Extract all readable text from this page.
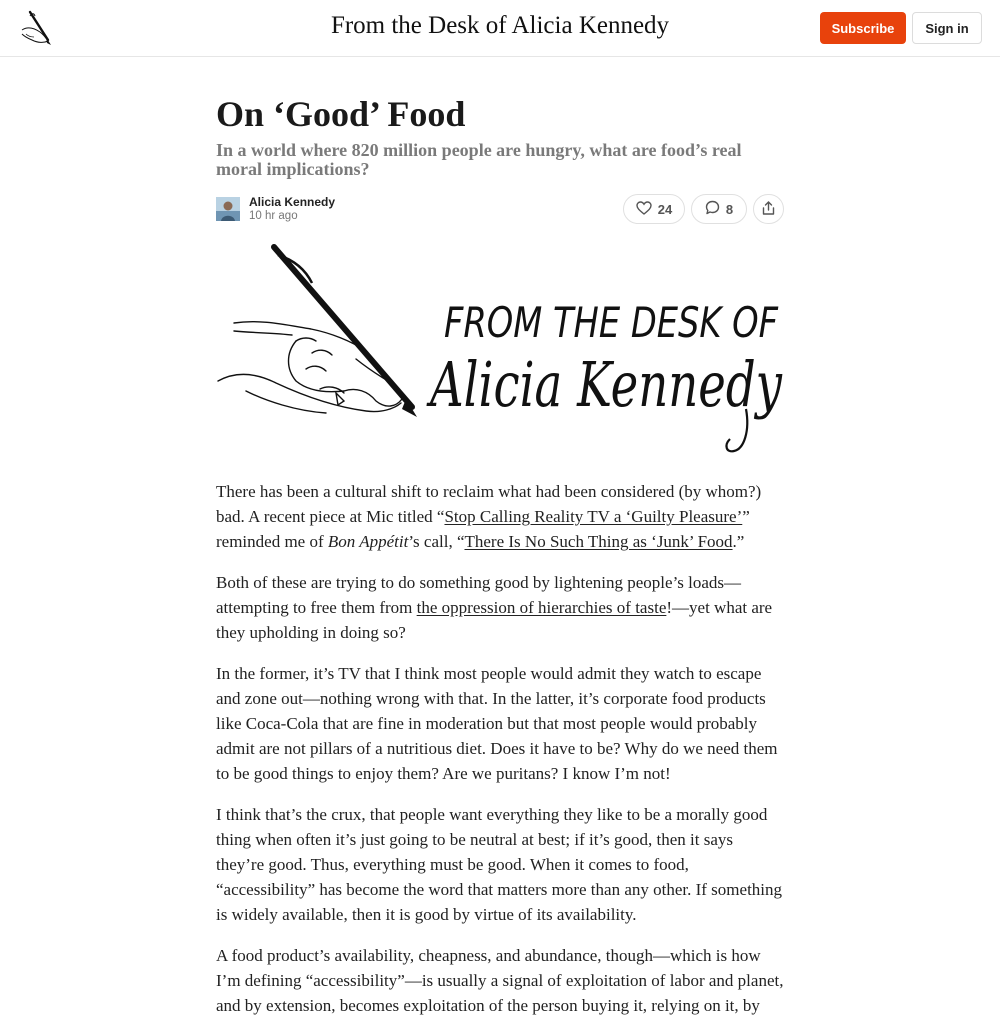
From the Desk of Alicia Kennedy	Subscribe	Sign in
On ‘Good’ Food
In a world where 820 million people are hungry, what are food’s real moral implications?
Alicia Kennedy
10 hr ago	24	8
FROM THE DESK OF
Alicia Kennedy

There has been a cultural shift to reclaim what had been considered (by whom?) bad. A recent piece at Mic titled “Stop Calling Reality TV a ‘Guilty Pleasure’” reminded me of Bon Appétit’s call, “There Is No Such Thing as ‘Junk’ Food.”

Both of these are trying to do something good by lightening people’s loads—attempting to free them from the oppression of hierarchies of taste!—yet what are they upholding in doing so?

In the former, it’s TV that I think most people would admit they watch to escape and zone out—nothing wrong with that. In the latter, it’s corporate food products like Coca-Cola that are fine in moderation but that most people would probably admit are not pillars of a nutritious diet. Does it have to be? Why do we need them to be good things to enjoy them? Are we puritans? I know I’m not!

I think that’s the crux, that people want everything they like to be a morally good thing when often it’s just going to be neutral at best; if it’s good, then it says they’re good. Thus, everything must be good. When it comes to food, “accessibility” has become the word that matters more than any other. If something is widely available, then it is good by virtue of its availability.

A food product’s availability, cheapness, and abundance, though—which is how I’m defining “accessibility”—is usually a signal of exploitation of labor and planet, and by extension, becomes exploitation of the person buying it, relying on it, by
